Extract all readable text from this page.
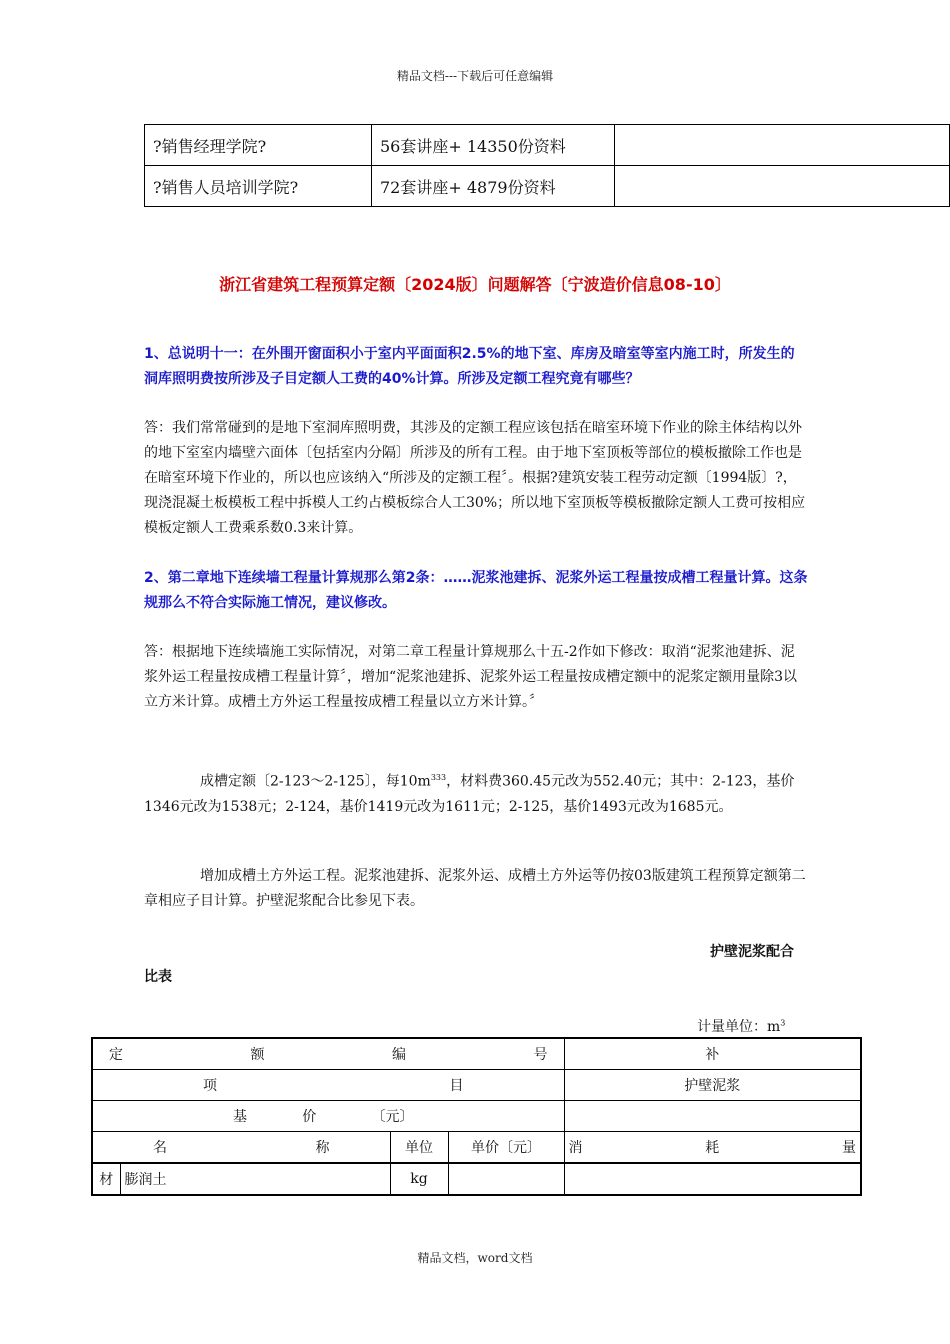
精品文档---下载后可任意编辑
?销售经理学院?	56套讲座+ 14350份资料	
?销售人员培训学院?	72套讲座+ 4879份资料	
浙江省建筑工程预算定额〔2024版〕问题解答〔宁波造价信息08-10〕
1、总说明十一：在外围开窗面积小于室内平面面积2.5%的地下室、库房及暗室等室内施工时，所发生的洞库照明费按所涉及子目定额人工费的40%计算。所涉及定额工程究竟有哪些？
答：我们常常碰到的是地下室洞库照明费，其涉及的定额工程应该包括在暗室环境下作业的除主体结构以外的地下室室内墙壁六面体〔包括室内分隔〕所涉及的所有工程。由于地下室顶板等部位的模板撤除工作也是在暗室环境下作业的，所以也应该纳入“所涉及的定额工程〞。根据?建筑安装工程劳动定额〔1994版〕?，现浇混凝土板模板工程中拆模人工约占模板综合人工30%；所以地下室顶板等模板撤除定额人工费可按相应模板定额人工费乘系数0.3来计算。
2、第二章地下连续墙工程量计算规那么第2条：……泥浆池建拆、泥浆外运工程量按成槽工程量计算。这条规那么不符合实际施工情况，建议修改。
答：根据地下连续墙施工实际情况，对第二章工程量计算规那么十五-2作如下修改：取消“泥浆池建拆、泥浆外运工程量按成槽工程量计算〞，增加“泥浆池建拆、泥浆外运工程量按成槽定额中的泥浆定额用量除3以立方米计算。成槽土方外运工程量按成槽工程量以立方米计算。〞
成槽定额〔2-123～2-125〕，每$10m^{333}$，材料费360.45元改为552.40元；其中：2-123，基价1346元改为1538元；2-124，基价1419元改为1611元；2-125，基价1493元改为1685元。
增加成槽土方外运工程。泥浆池建拆、泥浆外运、成槽土方外运等仍按03版建筑工程预算定额第二章相应子目计算。护壁泥浆配合比参见下表。
护壁泥浆配合
比表
计量单位：$m^3$
定 额 编 号				补

项 目				护壁泥浆

基 价 〔元〕				

名 称		单位	单价〔元〕	消 耗 量

材	膨润土	kg		
精品文档，word文档
